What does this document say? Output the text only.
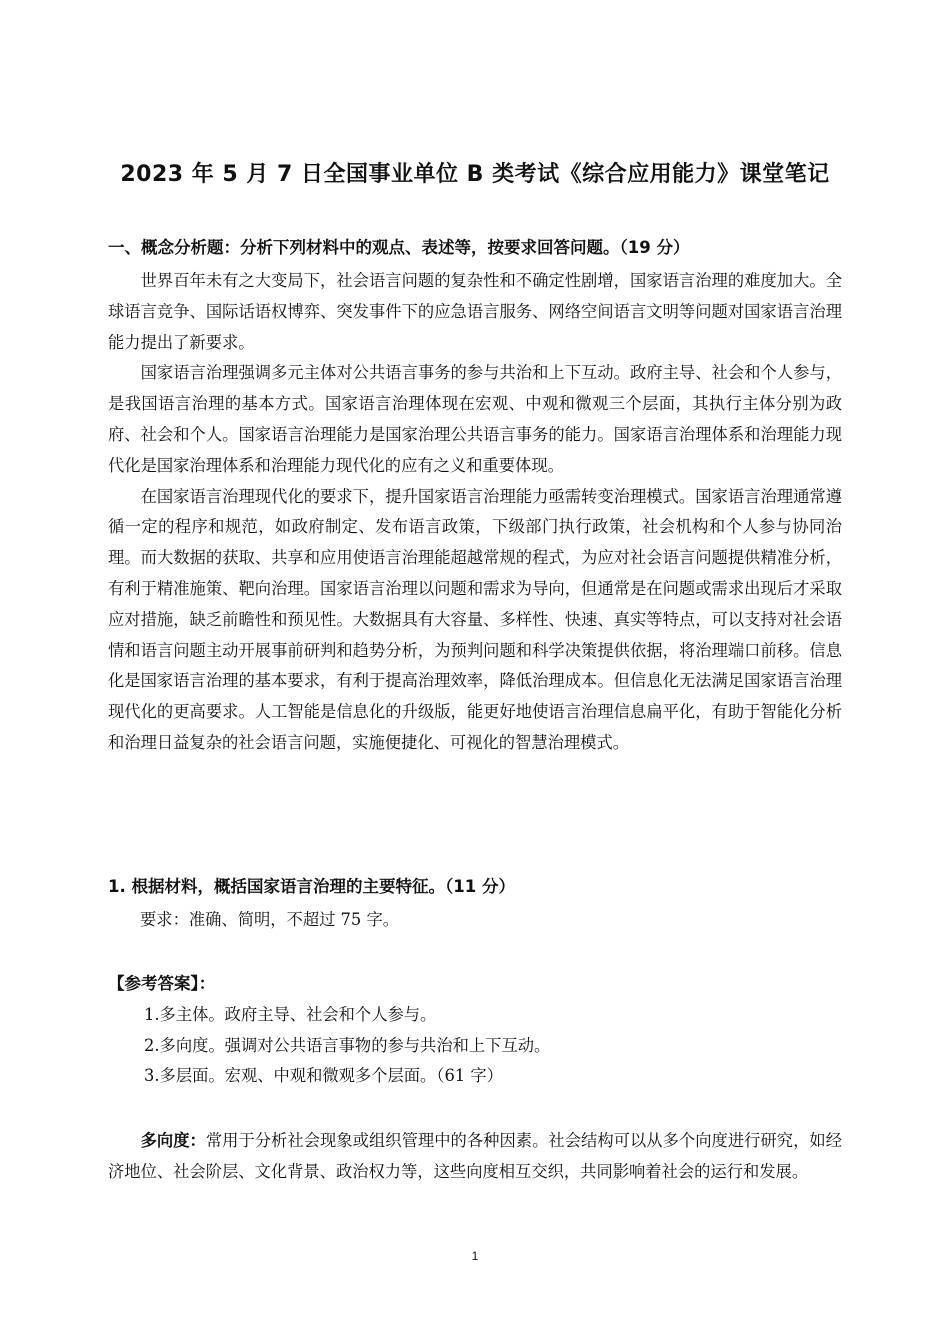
2023 年 5 月 7 日全国事业单位 B 类考试《综合应用能力》课堂笔记
一、概念分析题：分析下列材料中的观点、表述等，按要求回答问题。（19 分）

世界百年未有之大变局下，社会语言问题的复杂性和不确定性剧增，国家语言治理的难度加大。全球语言竞争、国际话语权博弈、突发事件下的应急语言服务、网络空间语言文明等问题对国家语言治理能力提出了新要求。

国家语言治理强调多元主体对公共语言事务的参与共治和上下互动。政府主导、社会和个人参与，是我国语言治理的基本方式。国家语言治理体现在宏观、中观和微观三个层面，其执行主体分别为政府、社会和个人。国家语言治理能力是国家治理公共语言事务的能力。国家语言治理体系和治理能力现代化是国家治理体系和治理能力现代化的应有之义和重要体现。

在国家语言治理现代化的要求下，提升国家语言治理能力亟需转变治理模式。国家语言治理通常遵循一定的程序和规范，如政府制定、发布语言政策，下级部门执行政策，社会机构和个人参与协同治理。而大数据的获取、共享和应用使语言治理能超越常规的程式，为应对社会语言问题提供精准分析，有利于精准施策、靶向治理。国家语言治理以问题和需求为导向，但通常是在问题或需求出现后才采取应对措施，缺乏前瞻性和预见性。大数据具有大容量、多样性、快速、真实等特点，可以支持对社会语情和语言问题主动开展事前研判和趋势分析，为预判问题和科学决策提供依据，将治理端口前移。信息化是国家语言治理的基本要求，有利于提高治理效率，降低治理成本。但信息化无法满足国家语言治理现代化的更高要求。人工智能是信息化的升级版，能更好地使语言治理信息扁平化，有助于智能化分析和治理日益复杂的社会语言问题，实施便捷化、可视化的智慧治理模式。

1. 根据材料，概括国家语言治理的主要特征。（11 分）
要求：准确、简明，不超过 75 字。
【参考答案】：
1.多主体。政府主导、社会和个人参与。
2.多向度。强调对公共语言事物的参与共治和上下互动。
3.多层面。宏观、中观和微观多个层面。（61 字）
多向度：常用于分析社会现象或组织管理中的各种因素。社会结构可以从多个向度进行研究，如经济地位、社会阶层、文化背景、政治权力等，这些向度相互交织，共同影响着社会的运行和发展。
1
